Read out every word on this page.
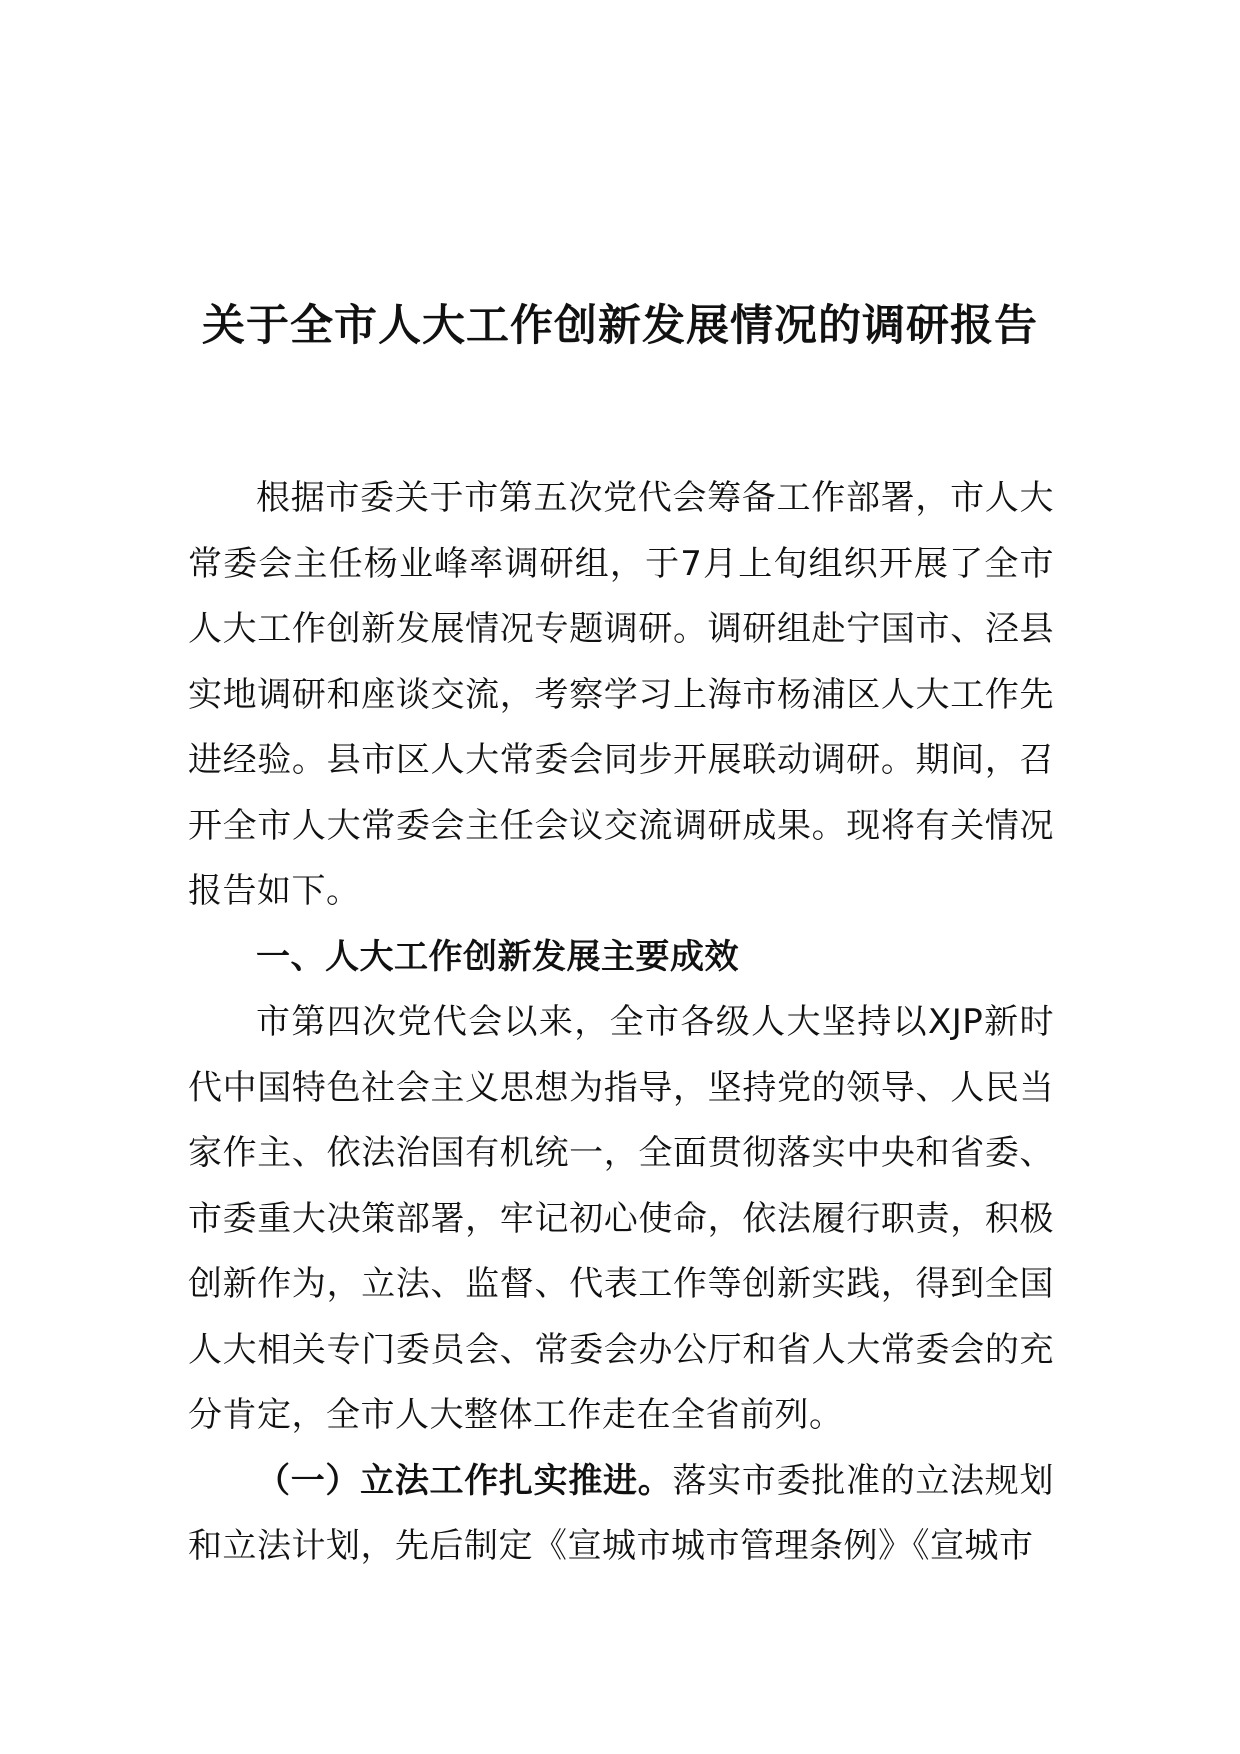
关于全市人大工作创新发展情况的调研报告

根据市委关于市第五次党代会筹备工作部署，市人大常委会主任杨业峰率调研组，于7月上旬组织开展了全市人大工作创新发展情况专题调研。调研组赴宁国市、泾县实地调研和座谈交流，考察学习上海市杨浦区人大工作先进经验。县市区人大常委会同步开展联动调研。期间，召开全市人大常委会主任会议交流调研成果。现将有关情况报告如下。

一、人大工作创新发展主要成效

市第四次党代会以来，全市各级人大坚持以XJP新时代中国特色社会主义思想为指导，坚持党的领导、人民当家作主、依法治国有机统一，全面贯彻落实中央和省委、市委重大决策部署，牢记初心使命，依法履行职责，积极创新作为，立法、监督、代表工作等创新实践，得到全国人大相关专门委员会、常委会办公厅和省人大常委会的充分肯定，全市人大整体工作走在全省前列。

（一）立法工作扎实推进。落实市委批准的立法规划和立法计划，先后制定《宣城市城市管理条例》《宣城市
